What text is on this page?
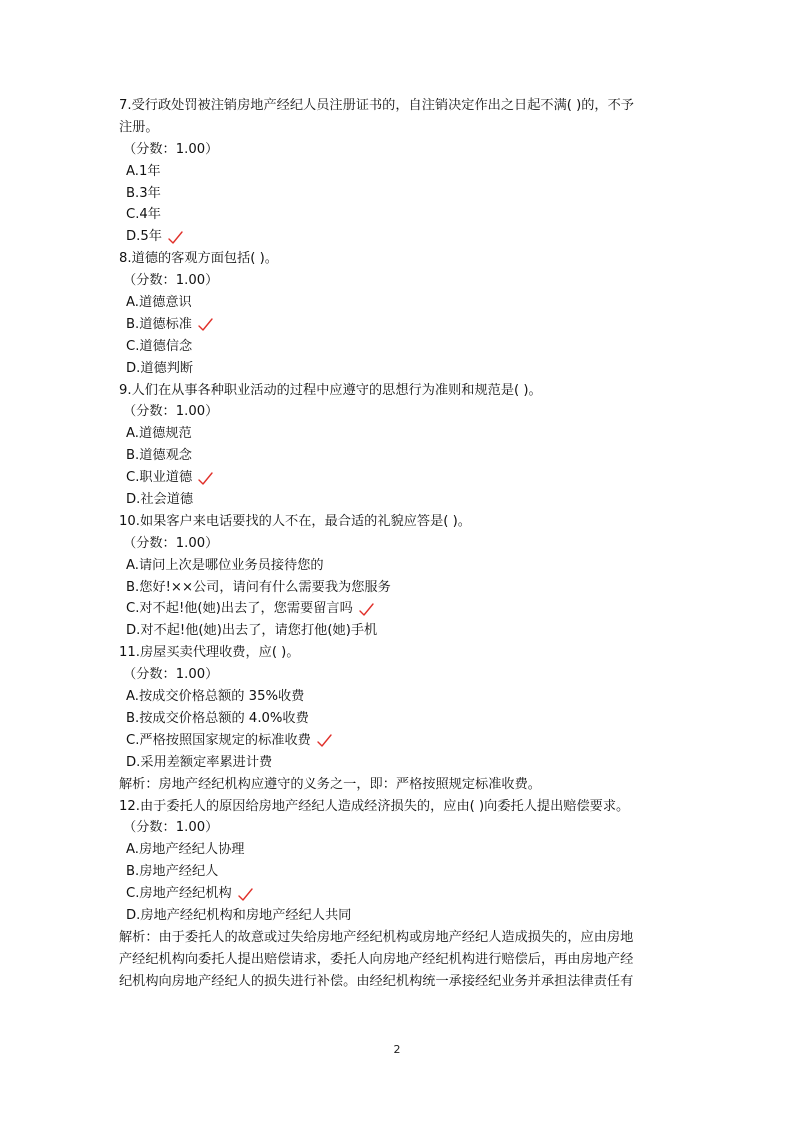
7.受行政处罚被注销房地产经纪人员注册证书的，自注销决定作出之日起不满( )的，不予
注册。
（分数：1.00）
A.1年
B.3年
C.4年
D.5年
8.道德的客观方面包括( )。
（分数：1.00）
A.道德意识
B.道德标准
C.道德信念
D.道德判断
9.人们在从事各种职业活动的过程中应遵守的思想行为准则和规范是( )。
（分数：1.00）
A.道德规范
B.道德观念
C.职业道德
D.社会道德
10.如果客户来电话要找的人不在，最合适的礼貌应答是( )。
（分数：1.00）
A.请问上次是哪位业务员接待您的
B.您好!××公司，请问有什么需要我为您服务
C.对不起!他(她)出去了，您需要留言吗
D.对不起!他(她)出去了，请您打他(她)手机
11.房屋买卖代理收费，应( )。
（分数：1.00）
A.按成交价格总额的 35%收费
B.按成交价格总额的 4.0%收费
C.严格按照国家规定的标准收费
D.采用差额定率累进计费
解析：房地产经纪机构应遵守的义务之一，即：严格按照规定标准收费。
12.由于委托人的原因给房地产经纪人造成经济损失的，应由( )向委托人提出赔偿要求。
（分数：1.00）
A.房地产经纪人协理
B.房地产经纪人
C.房地产经纪机构
D.房地产经纪机构和房地产经纪人共同
解析：由于委托人的故意或过失给房地产经纪机构或房地产经纪人造成损失的，应由房地
产经纪机构向委托人提出赔偿请求，委托人向房地产经纪机构进行赔偿后，再由房地产经
纪机构向房地产经纪人的损失进行补偿。由经纪机构统一承接经纪业务并承担法律责任有
2
